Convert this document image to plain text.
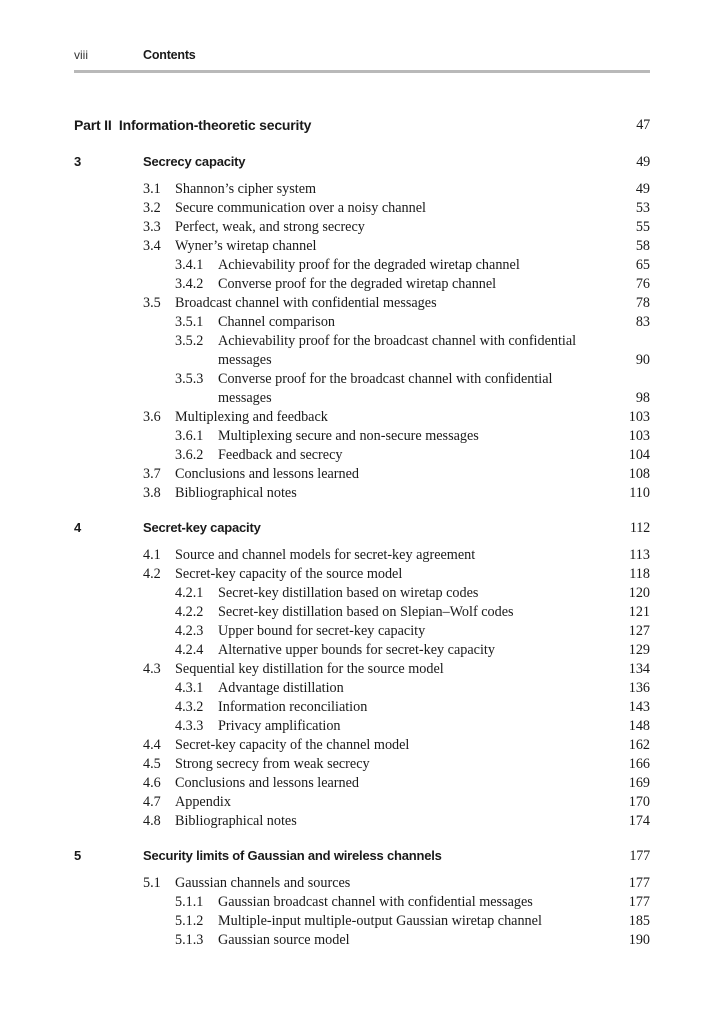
viii	Contents
Part II Information-theoretic security	47
3	Secrecy capacity	49
3.1 Shannon’s cipher system	49
3.2 Secure communication over a noisy channel	53
3.3 Perfect, weak, and strong secrecy	55
3.4 Wyner’s wiretap channel	58
3.4.1 Achievability proof for the degraded wiretap channel	65
3.4.2 Converse proof for the degraded wiretap channel	76
3.5 Broadcast channel with confidential messages	78
3.5.1 Channel comparison	83
3.5.2 Achievability proof for the broadcast channel with confidential
messages	90
3.5.3 Converse proof for the broadcast channel with confidential
messages	98
3.6 Multiplexing and feedback	103
3.6.1 Multiplexing secure and non-secure messages	103
3.6.2 Feedback and secrecy	104
3.7 Conclusions and lessons learned	108
3.8 Bibliographical notes	110
4	Secret-key capacity	112
4.1 Source and channel models for secret-key agreement	113
4.2 Secret-key capacity of the source model	118
4.2.1 Secret-key distillation based on wiretap codes	120
4.2.2 Secret-key distillation based on Slepian–Wolf codes	121
4.2.3 Upper bound for secret-key capacity	127
4.2.4 Alternative upper bounds for secret-key capacity	129
4.3 Sequential key distillation for the source model	134
4.3.1 Advantage distillation	136
4.3.2 Information reconciliation	143
4.3.3 Privacy amplification	148
4.4 Secret-key capacity of the channel model	162
4.5 Strong secrecy from weak secrecy	166
4.6 Conclusions and lessons learned	169
4.7 Appendix	170
4.8 Bibliographical notes	174
5	Security limits of Gaussian and wireless channels	177
5.1 Gaussian channels and sources	177
5.1.1 Gaussian broadcast channel with confidential messages	177
5.1.2 Multiple-input multiple-output Gaussian wiretap channel	185
5.1.3 Gaussian source model	190
